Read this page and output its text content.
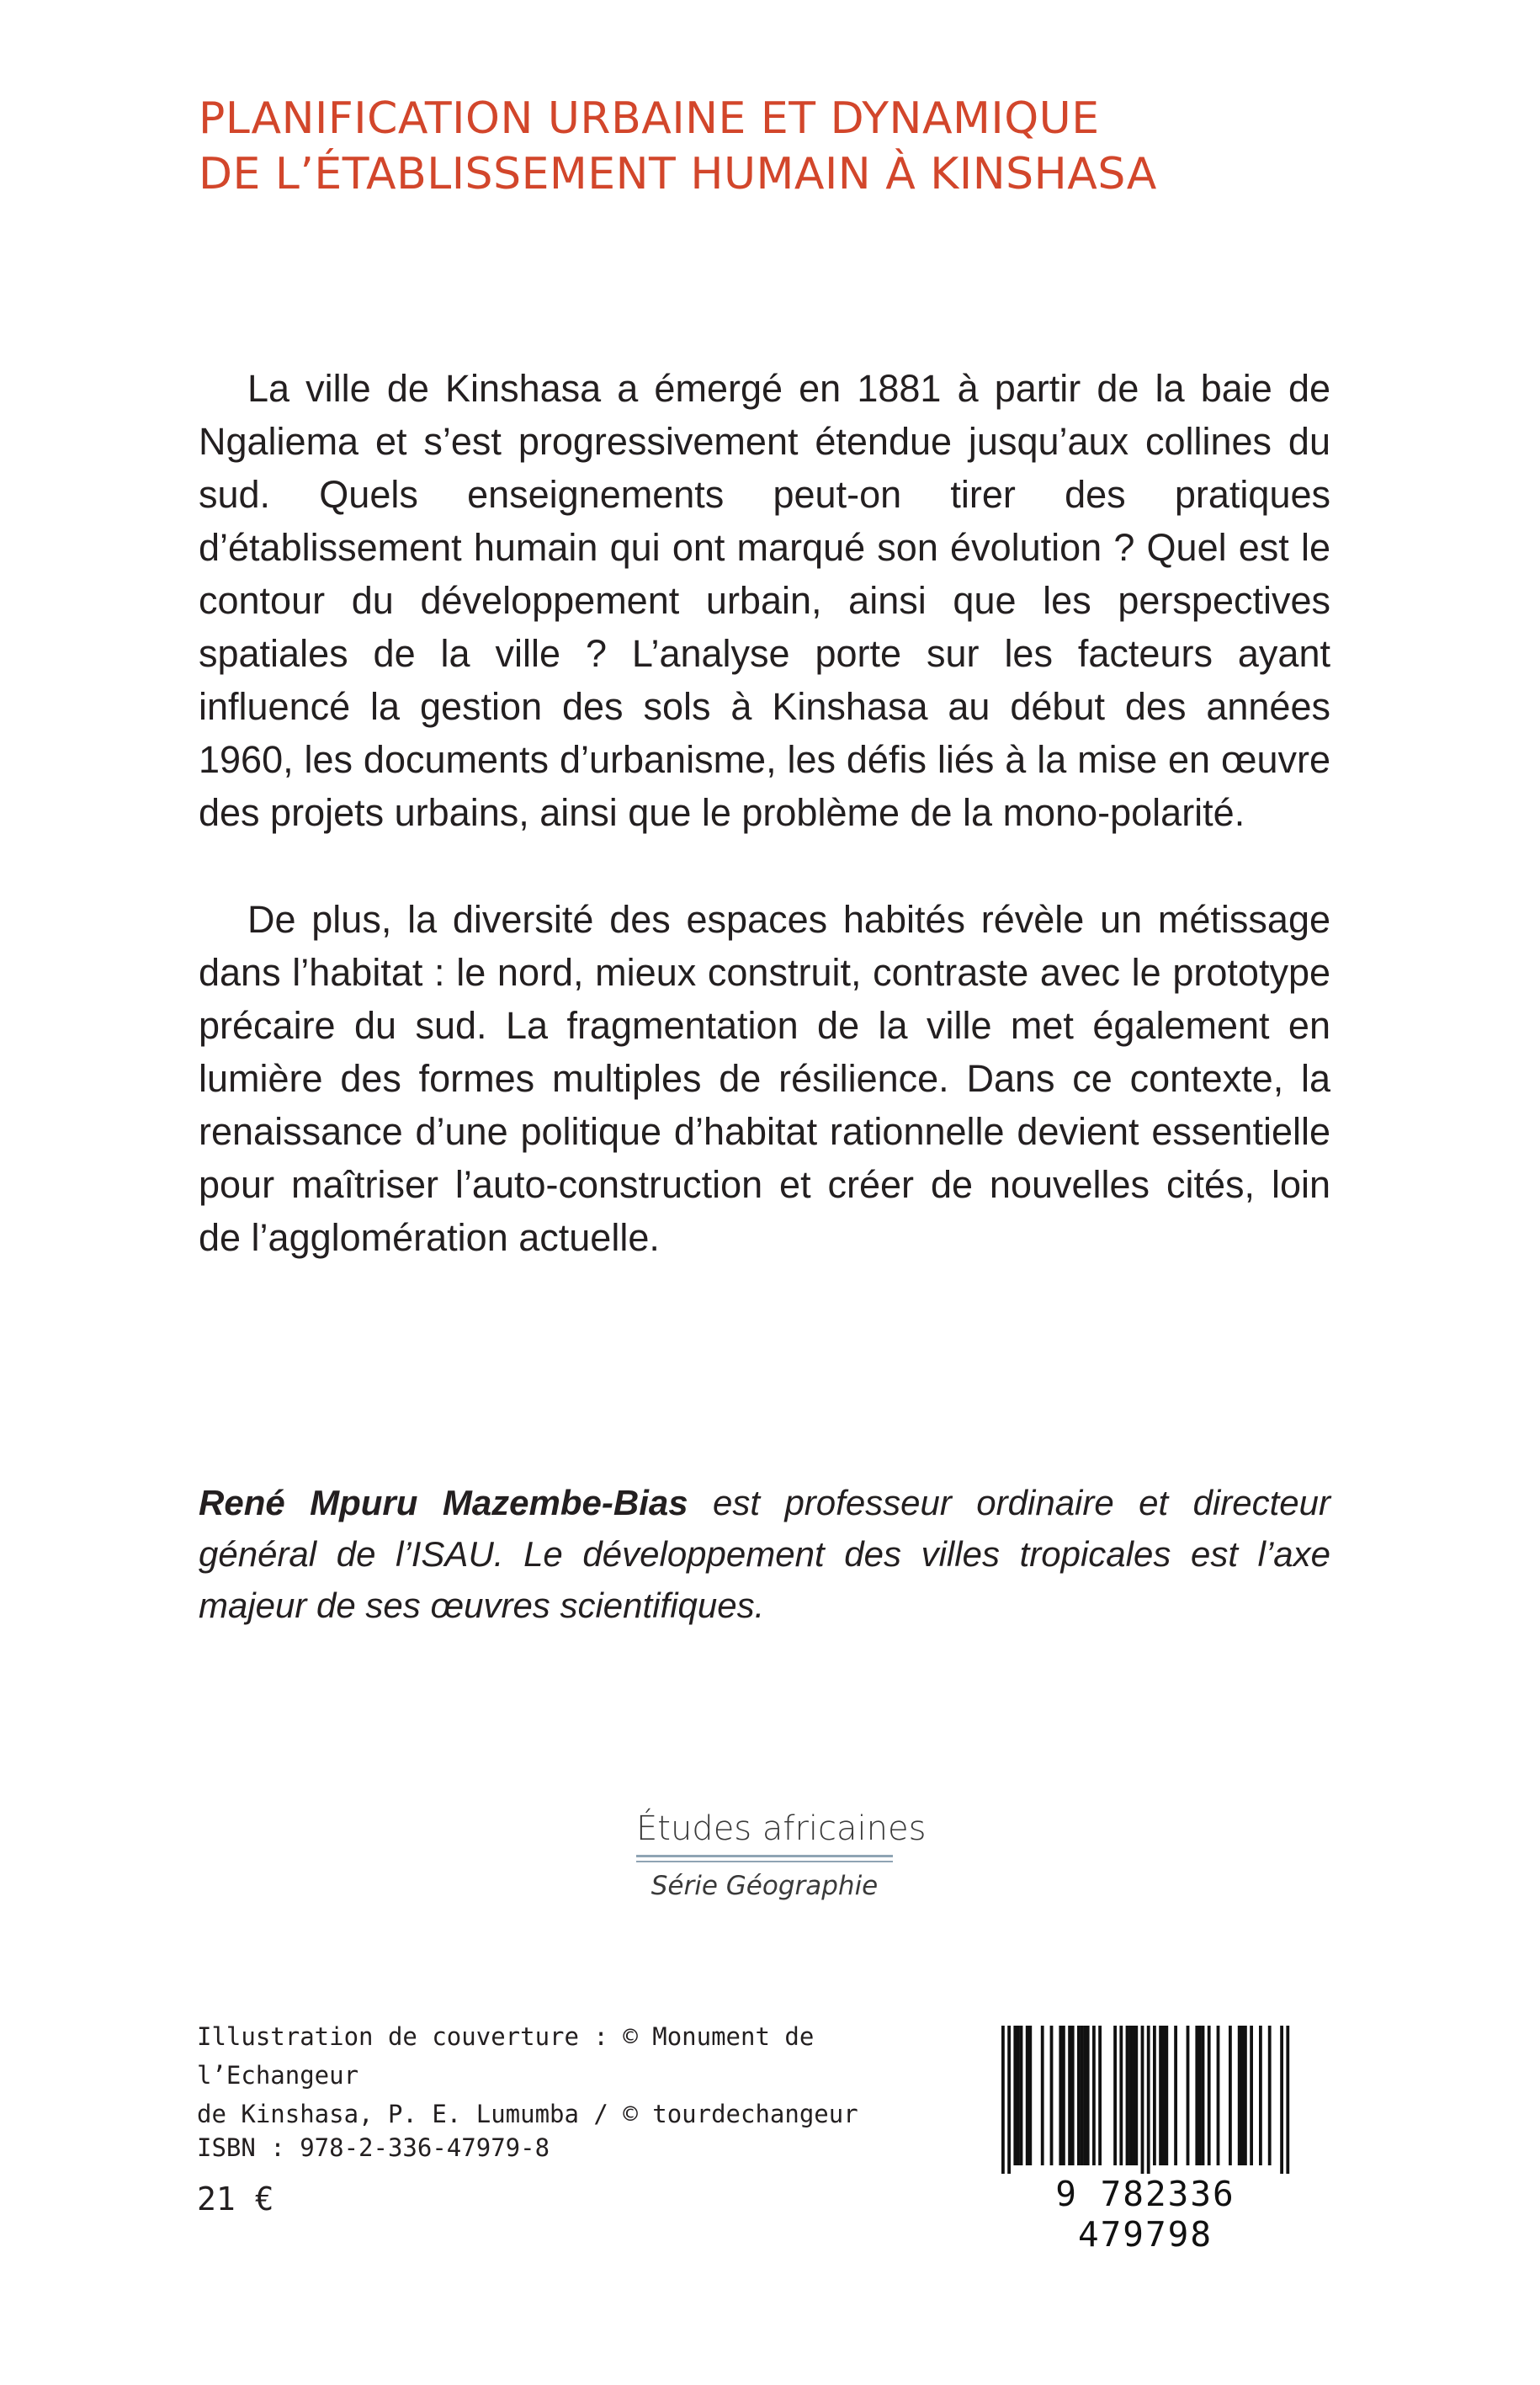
PLANIFICATION URBAINE ET DYNAMIQUE
DE L’ÉTABLISSEMENT HUMAIN À KINSHASA

La ville de Kinshasa a émergé en 1881 à partir de la baie de Ngaliema et s’est progressivement étendue jusqu’aux collines du sud. Quels enseignements peut-on tirer des pratiques d’établissement humain qui ont marqué son évolution ? Quel est le contour du développement urbain, ainsi que les perspectives spatiales de la ville ? L’analyse porte sur les facteurs ayant influencé la gestion des sols à Kinshasa au début des années 1960, les documents d’urbanisme, les défis liés à la mise en œuvre des projets urbains, ainsi que le problème de la mono-polarité.

De plus, la diversité des espaces habités révèle un métissage dans l’habitat : le nord, mieux construit, contraste avec le prototype précaire du sud. La fragmentation de la ville met également en lumière des formes multiples de résilience. Dans ce contexte, la renaissance d’une politique d’habitat rationnelle devient essentielle pour maîtriser l’auto-construction et créer de nouvelles cités, loin de l’agglomération actuelle.

René Mpuru Mazembe-Bias est professeur ordinaire et directeur général de l’ISAU. Le développement des villes tropicales est l’axe majeur de ses œuvres scientifiques.

Études africaines
Série Géographie
Illustration de couverture : © Monument de l’Echangeur
de Kinshasa, P. E. Lumumba / © tourdechangeur
ISBN : 978-2-336-47979-8
21 €	9 782336 479798
